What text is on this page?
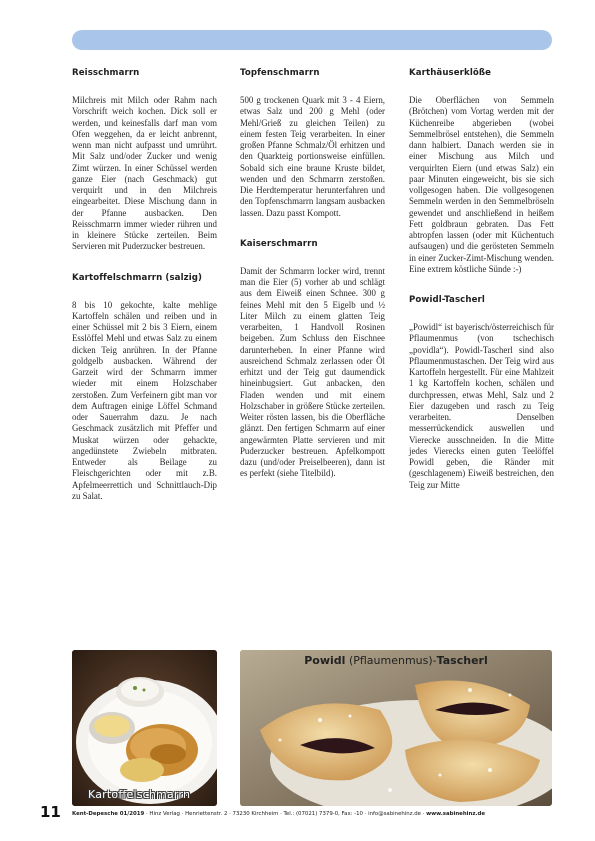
Reisschmarrn
Milchreis mit Milch oder Rahm nach Vorschrift weich kochen. Dick soll er werden, und keinesfalls darf man vom Ofen weggehen, da er leicht anbrennt, wenn man nicht aufpasst und umrührt. Mit Salz und/oder Zucker und wenig Zimt würzen. In einer Schüssel werden ganze Eier (nach Geschmack) gut verquirlt und in den Milchreis eingearbeitet. Diese Mischung dann in der Pfanne ausbacken. Den Reisschmarrn immer wieder rühren und in kleinere Stücke zerteilen. Beim Servieren mit Puderzucker bestreuen.
Kartoffelschmarrn (salzig)
8 bis 10 gekochte, kalte mehlige Kartoffeln schälen und reiben und in einer Schüssel mit 2 bis 3 Eiern, einem Esslöffel Mehl und etwas Salz zu einem dicken Teig anrühren. In der Pfanne goldgelb ausbacken. Während der Garzeit wird der Schmarrn immer wieder mit einem Holzschaber zerstoßen. Zum Verfeinern gibt man vor dem Auftragen einige Löffel Schmand oder Sauerrahm dazu. Je nach Geschmack zusätzlich mit Pfeffer und Muskat würzen oder gehackte, angedünstete Zwiebeln mitbraten. Entweder als Beilage zu Fleischgerichten oder mit z.B. Apfelmeerrettich und Schnittlauch-Dip zu Salat.
Topfenschmarrn
500 g trockenen Quark mit 3 - 4 Eiern, etwas Salz und 200 g Mehl (oder Mehl/Grieß zu gleichen Teilen) zu einem festen Teig verarbeiten. In einer großen Pfanne Schmalz/Öl erhitzen und den Quarkteig portionsweise einfüllen. Sobald sich eine braune Kruste bildet, wenden und den Schmarrn zerstoßen. Die Herdtemperatur herunterfahren und den Topfenschmarrn langsam ausbacken lassen. Dazu passt Kompott.
Kaiserschmarrn
Damit der Schmarrn locker wird, trennt man die Eier (5) vorher ab und schlägt aus dem Eiweiß einen Schnee. 300 g feines Mehl mit den 5 Eigelb und ½ Liter Milch zu einem glatten Teig verarbeiten, 1 Handvoll Rosinen beigeben. Zum Schluss den Eischnee darunterheben. In einer Pfanne wird ausreichend Schmalz zerlassen oder Öl erhitzt und der Teig gut daumendick hineinbugsiert. Gut anbacken, den Fladen wenden und mit einem Holzschaber in größere Stücke zerteilen. Weiter rösten lassen, bis die Oberfläche glänzt. Den fertigen Schmarrn auf einer angewärmten Platte servieren und mit Puderzucker bestreuen. Apfelkompott dazu (und/oder Preiselbeeren), dann ist es perfekt (siehe Titelbild).
Karthäuserklöße
Die Oberflächen von Semmeln (Brötchen) vom Vortag werden mit der Küchenreibe abgerieben (wobei Semmelbrösel entstehen), die Semmeln dann halbiert. Danach werden sie in einer Mischung aus Milch und verquirlten Eiern (und etwas Salz) ein paar Minuten eingeweicht, bis sie sich vollgesogen haben. Die vollgesogenen Semmeln werden in den Semmelbröseln gewendet und anschließend in heißem Fett goldbraun gebraten. Das Fett abtropfen lassen (oder mit Küchentuch aufsaugen) und die gerösteten Semmeln in einer Zucker-Zimt-Mischung wenden. Eine extrem köstliche Sünde :-)
Powidl-Tascherl
„Powidl“ ist bayerisch/österreichisch für Pflaumenmus (von tschechisch „povidla“). Powidl-Tascherl sind also Pflaumenmustaschen. Der Teig wird aus Kartoffeln hergestellt. Für eine Mahlzeit 1 kg Kartoffeln kochen, schälen und durchpressen, etwas Mehl, Salz und 2 Eier dazugeben und rasch zu Teig verarbeiten. Denselben messerrückendick auswellen und Vierecke ausschneiden. In die Mitte jedes Vierecks einen guten Teelöffel Powidl geben, die Ränder mit (geschlagenem) Eiweiß bestreichen, den Teig zur Mitte
Kartoffelschmarrn
Powidl (Pflaumenmus)-Tascherl
11 Kent-Depesche 01/2019 · Hinz Verlag · Henriettenstr. 2 · 73230 Kirchheim · Tel.: (07021) 7379-0, Fax: -10 · info@sabinehinz.de · www.sabinehinz.de
